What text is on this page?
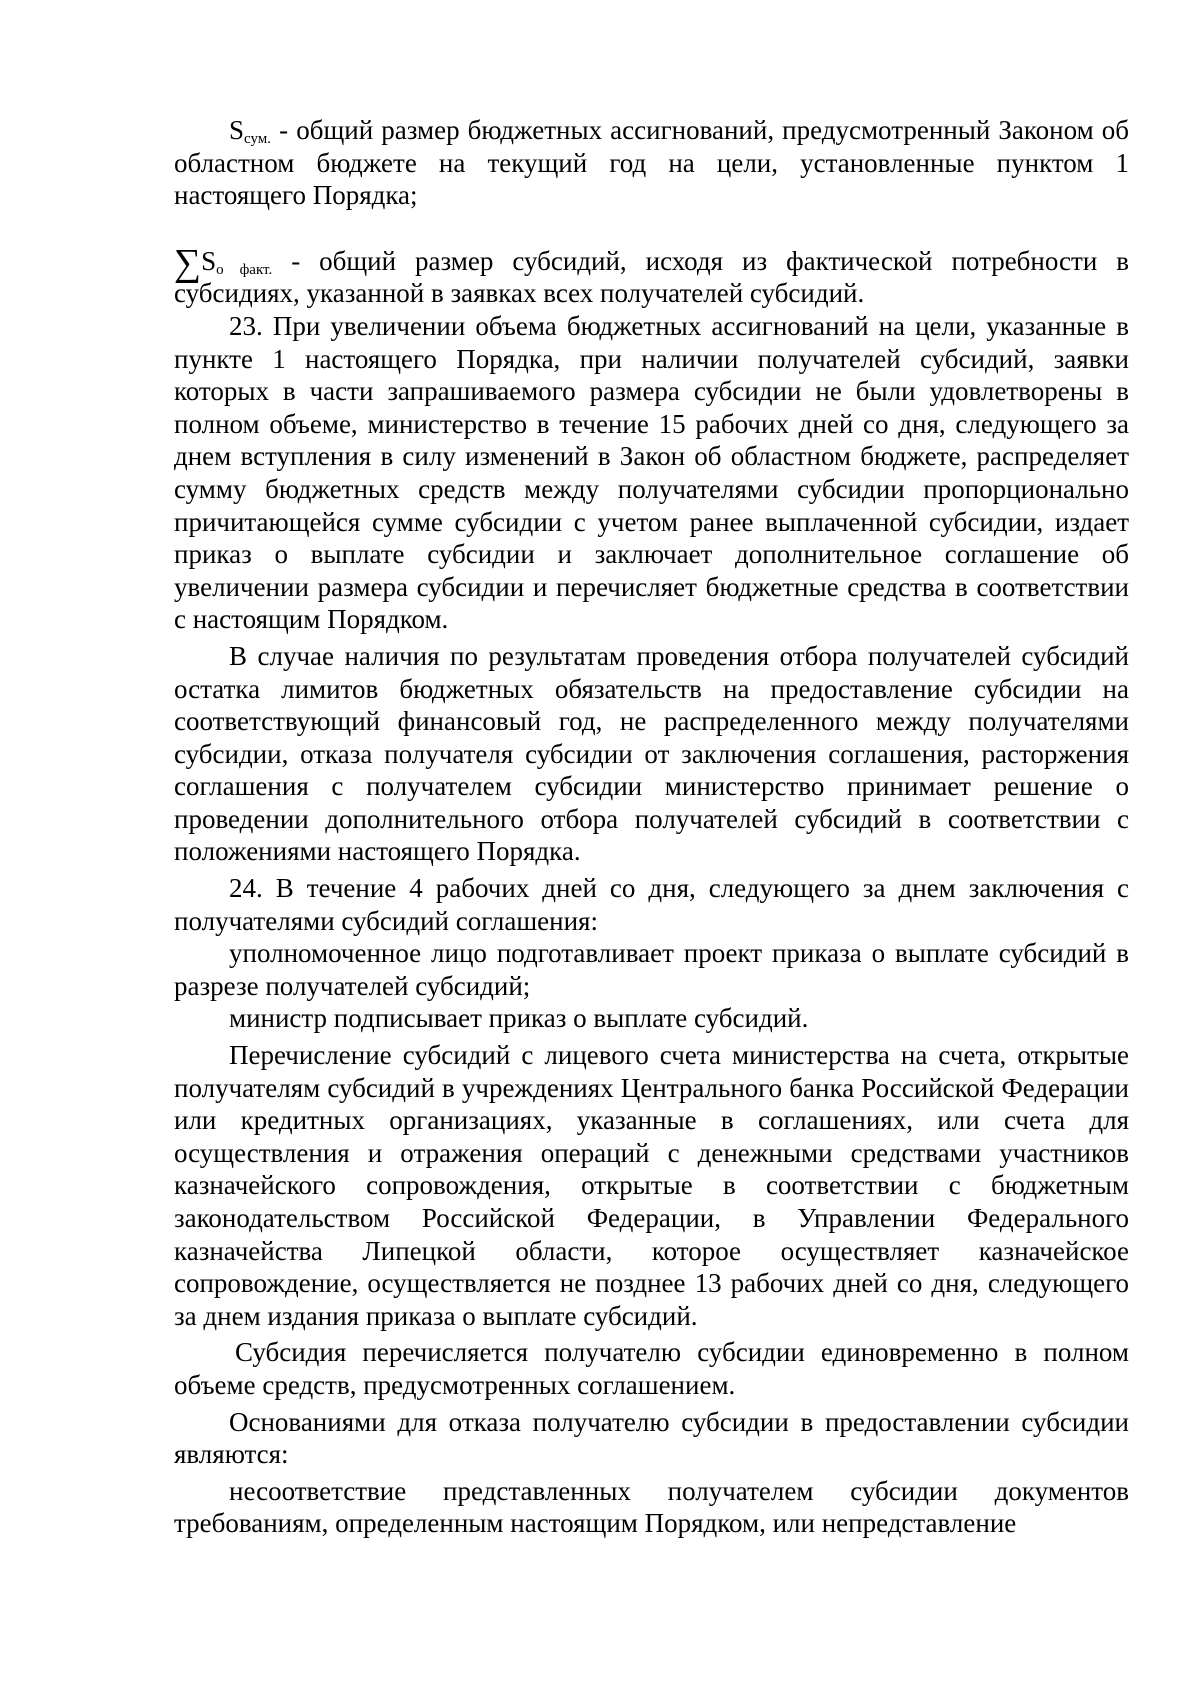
$S_{сум.}$ - общий размер бюджетных ассигнований, предусмотренный Законом об областном бюджете на текущий год на цели, установленные пунктом 1 настоящего Порядка;

$\sum S_{о факт.}$ - общий размер субсидий, исходя из фактической потребности в субсидиях, указанной в заявках всех получателей субсидий.

23. При увеличении объема бюджетных ассигнований на цели, указанные в пункте 1 настоящего Порядка, при наличии получателей субсидий, заявки которых в части запрашиваемого размера субсидии не были удовлетворены в полном объеме, министерство в течение 15 рабочих дней со дня, следующего за днем вступления в силу изменений в Закон об областном бюджете, распределяет сумму бюджетных средств между получателями субсидии пропорционально причитающейся сумме субсидии с учетом ранее выплаченной субсидии, издает приказ о выплате субсидии и заключает дополнительное соглашение об увеличении размера субсидии и перечисляет бюджетные средства в соответствии с настоящим Порядком.

В случае наличия по результатам проведения отбора получателей субсидий остатка лимитов бюджетных обязательств на предоставление субсидии на соответствующий финансовый год, не распределенного между получателями субсидии, отказа получателя субсидии от заключения соглашения, расторжения соглашения с получателем субсидии министерство принимает решение о проведении дополнительного отбора получателей субсидий в соответствии с положениями настоящего Порядка.

24. В течение 4 рабочих дней со дня, следующего за днем заключения с получателями субсидий соглашения:

уполномоченное лицо подготавливает проект приказа о выплате субсидий в разрезе получателей субсидий;

министр подписывает приказ о выплате субсидий.

Перечисление субсидий с лицевого счета министерства на счета, открытые получателям субсидий в учреждениях Центрального банка Российской Федерации или кредитных организациях, указанные в соглашениях, или счета для осуществления и отражения операций с денежными средствами участников казначейского сопровождения, открытые в соответствии с бюджетным законодательством Российской Федерации, в Управлении Федерального казначейства Липецкой области, которое осуществляет казначейское сопровождение, осуществляется не позднее 13 рабочих дней со дня, следующего за днем издания приказа о выплате субсидий.

Субсидия перечисляется получателю субсидии единовременно в полном объеме средств, предусмотренных соглашением.

Основаниями для отказа получателю субсидии в предоставлении субсидии являются:

несоответствие представленных получателем субсидии документов требованиям, определенным настоящим Порядком, или непредставление
